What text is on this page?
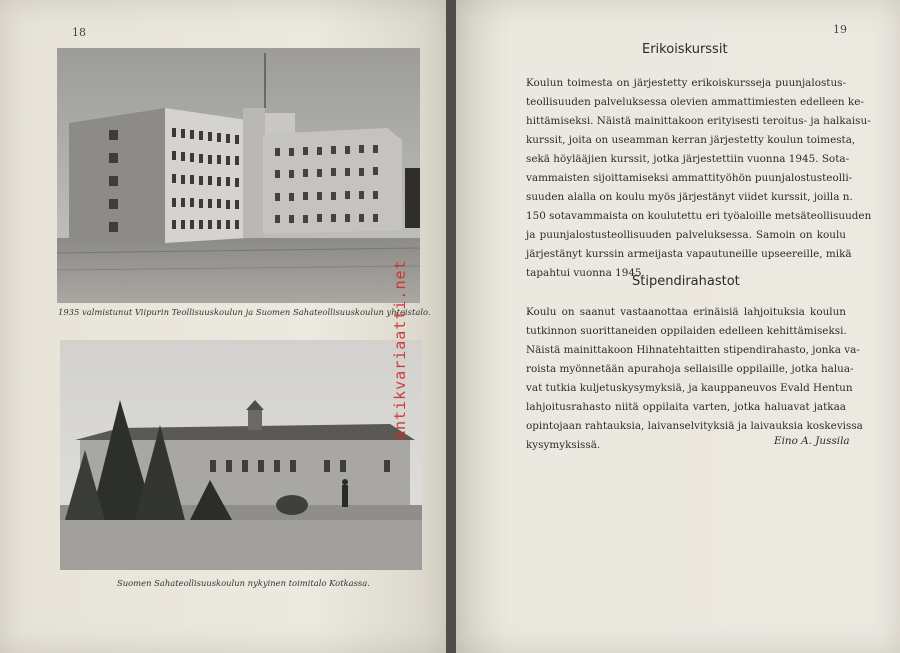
18
1935 valmistunut Viipurin Teollisuuskoulun ja Suomen Sahateollisuuskoulun yhteistalo.
Suomen Sahateollisuuskoulun nykyinen toimitalo Kotkassa.
Antikvariaatti.net
19
Erikoiskurssit
Koulun toimesta on järjestetty erikoiskursseja puunjalostus-
teollisuuden palveluksessa olevien ammattimiesten edelleen ke-
hittämiseksi. Näistä mainittakoon erityisesti teroitus- ja halkaisu-
kurssit, joita on useamman kerran järjestetty koulun toimesta,
sekä höylääjien kurssit, jotka järjestettiin vuonna 1945. Sota-
vammaisten sijoittamiseksi ammattityöhön puunjalostusteolli-
suuden alalla on koulu myös järjestänyt viidet kurssit, joilla n.
150 sotavammaista on koulutettu eri työaloille metsäteollisuuden
ja puunjalostusteollisuuden palveluksessa. Samoin on koulu
järjestänyt kurssin armeijasta vapautuneille upseereille, mikä
tapahtui vuonna 1945.
Stipendirahastot
Koulu on saanut vastaanottaa erinäisiä lahjoituksia koulun
tutkinnon suorittaneiden oppilaiden edelleen kehittämiseksi.
Näistä mainittakoon Hihnatehtaitten stipendirahasto, jonka va-
roista myönnetään apurahoja sellaisille oppilaille, jotka halua-
vat tutkia kuljetuskysymyksiä, ja kauppaneuvos Evald Hentun
lahjoitusrahasto niitä oppilaita varten, jotka haluavat jatkaa
opintojaan rahtauksia, laivanselvityksiä ja laivauksia koskevissa
kysymyksissä.	Eino A. Jussila
